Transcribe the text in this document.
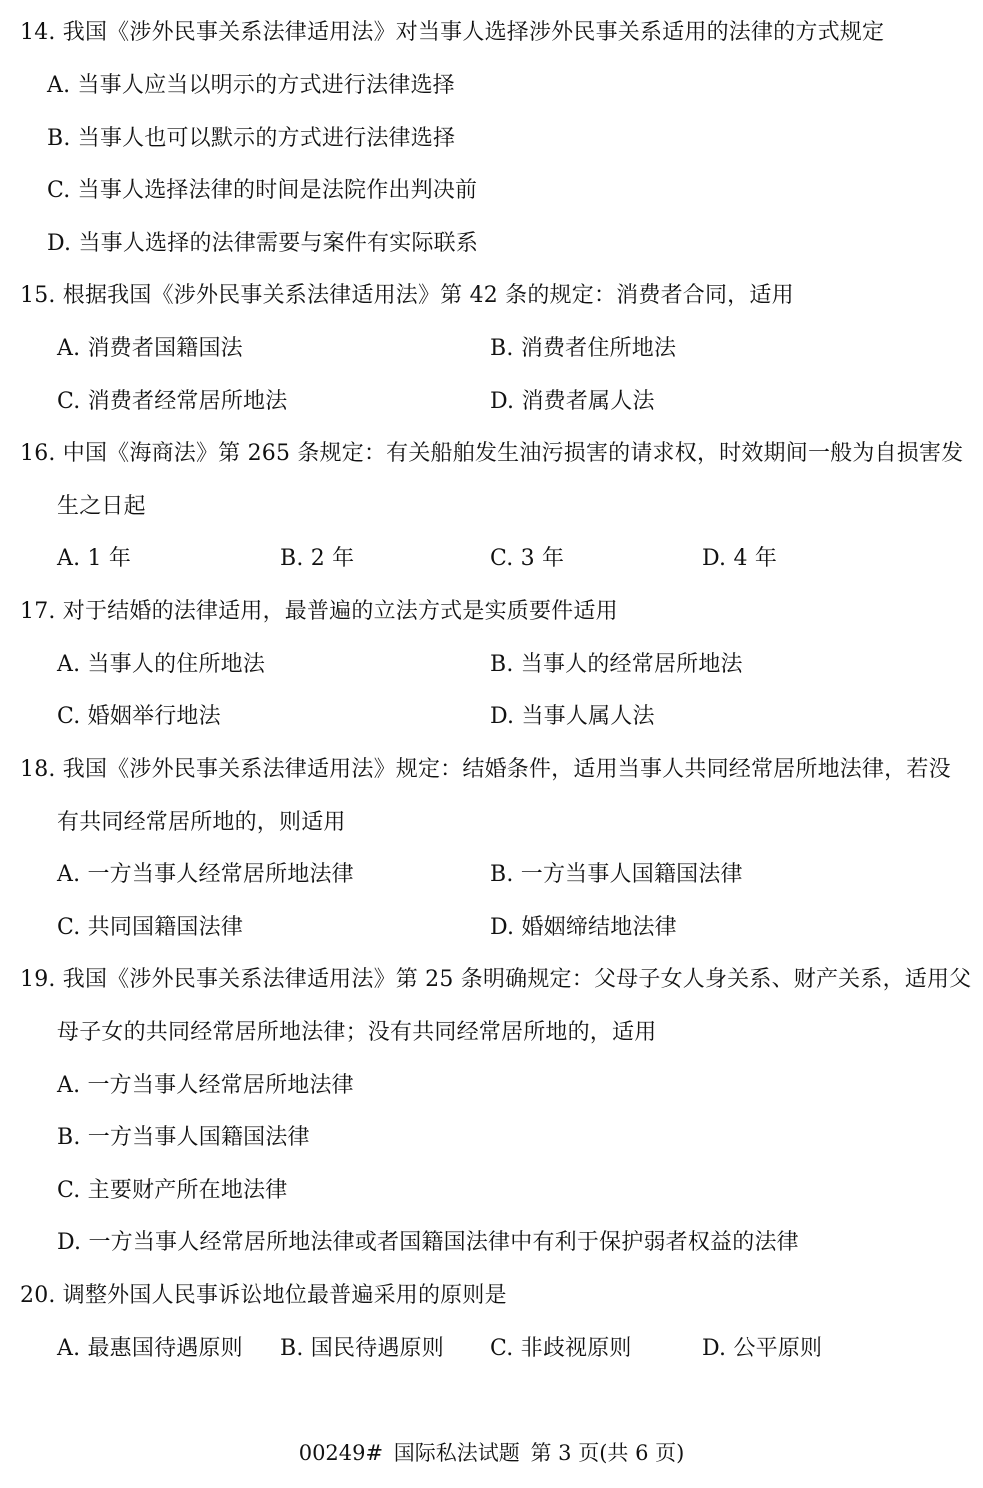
14. 我国《涉外民事关系法律适用法》对当事人选择涉外民事关系适用的法律的方式规定
A. 当事人应当以明示的方式进行法律选择
B. 当事人也可以默示的方式进行法律选择
C. 当事人选择法律的时间是法院作出判决前
D. 当事人选择的法律需要与案件有实际联系
15. 根据我国《涉外民事关系法律适用法》第 42 条的规定：消费者合同，适用
A. 消费者国籍国法	B. 消费者住所地法
C. 消费者经常居所地法	D. 消费者属人法
16. 中国《海商法》第 265 条规定：有关船舶发生油污损害的请求权，时效期间一般为自损害发
生之日起
A. 1 年	B. 2 年	C. 3 年	D. 4 年
17. 对于结婚的法律适用，最普遍的立法方式是实质要件适用
A. 当事人的住所地法	B. 当事人的经常居所地法
C. 婚姻举行地法	D. 当事人属人法
18. 我国《涉外民事关系法律适用法》规定：结婚条件，适用当事人共同经常居所地法律，若没
有共同经常居所地的，则适用
A. 一方当事人经常居所地法律	B. 一方当事人国籍国法律
C. 共同国籍国法律	D. 婚姻缔结地法律
19. 我国《涉外民事关系法律适用法》第 25 条明确规定：父母子女人身关系、财产关系，适用父
母子女的共同经常居所地法律；没有共同经常居所地的，适用
A. 一方当事人经常居所地法律
B. 一方当事人国籍国法律
C. 主要财产所在地法律
D. 一方当事人经常居所地法律或者国籍国法律中有利于保护弱者权益的法律
20. 调整外国人民事诉讼地位最普遍采用的原则是
A. 最惠国待遇原则 B. 国民待遇原则 C. 非歧视原则	D. 公平原则
00249# 国际私法试题 第 3 页(共 6 页)
